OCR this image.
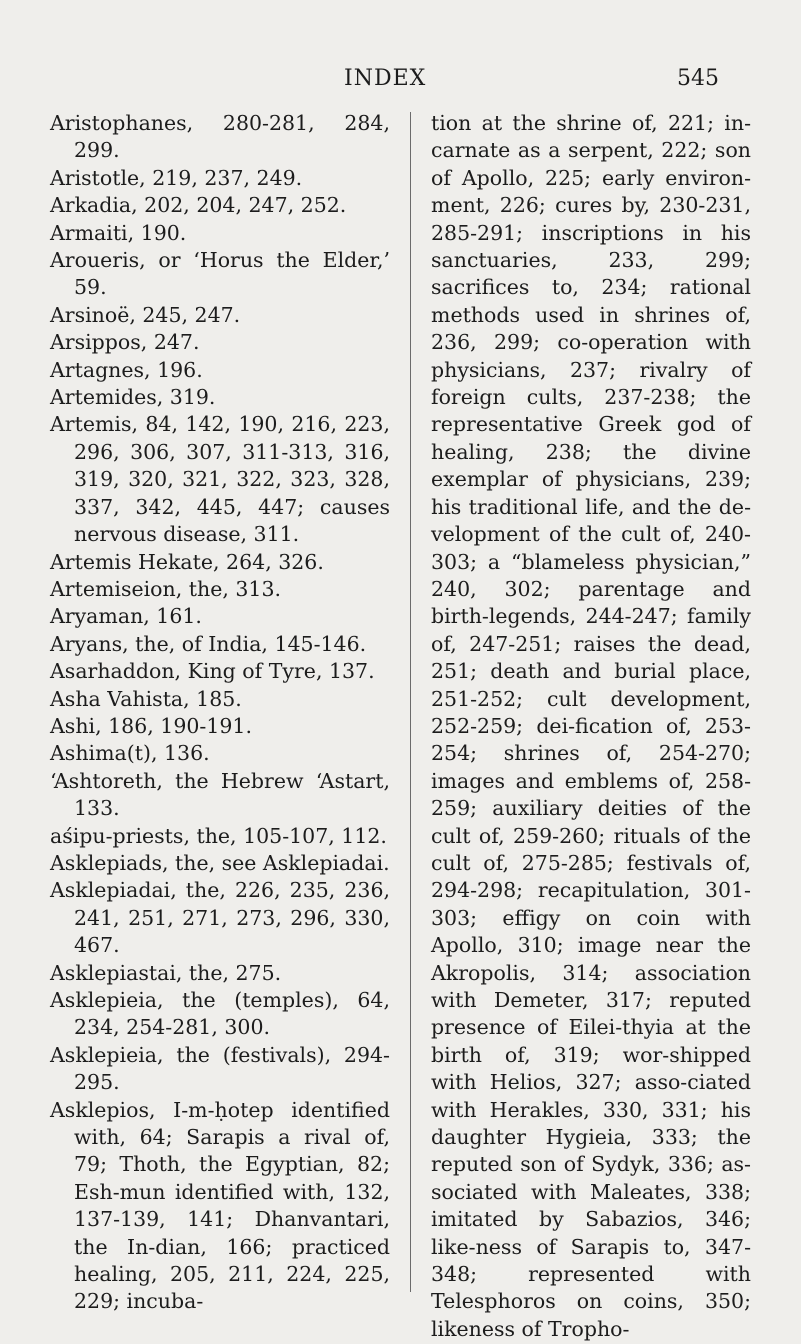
INDEX	545
Aristophanes, 280-281, 284, 299.
Aristotle, 219, 237, 249.
Arkadia, 202, 204, 247, 252.
Armaiti, 190.
Aroueris, or ‘Horus the Elder,’ 59.
Arsinoë, 245, 247.
Arsippos, 247.
Artagnes, 196.
Artemides, 319.
Artemis, 84, 142, 190, 216, 223, 296, 306, 307, 311-313, 316, 319, 320, 321, 322, 323, 328, 337, 342, 445, 447; causes nervous disease, 311.
Artemis Hekate, 264, 326.
Artemiseion, the, 313.
Aryaman, 161.
Aryans, the, of India, 145-146.
Asarhaddon, King of Tyre, 137.
Asha Vahista, 185.
Ashi, 186, 190-191.
Ashima(t), 136.
‘Ashtoreth, the Hebrew ‘Astart, 133.
aśipu-priests, the, 105-107, 112.
Asklepiads, the, see Asklepiadai.
Asklepiadai, the, 226, 235, 236, 241, 251, 271, 273, 296, 330, 467.
Asklepiastai, the, 275.
Asklepieia, the (temples), 64, 234, 254-281, 300.
Asklepieia, the (festivals), 294-295.
Asklepios, I-m-ḥotep identified with, 64; Sarapis a rival of, 79; Thoth, the Egyptian, 82; Esh-mun identified with, 132, 137-139, 141; Dhanvantari, the In-dian, 166; practiced healing, 205, 211, 224, 225, 229; incuba-
tion at the shrine of, 221; in-carnate as a serpent, 222; son of Apollo, 225; early environ-ment, 226; cures by, 230-231, 285-291; inscriptions in his sanctuaries, 233, 299; sacrifices to, 234; rational methods used in shrines of, 236, 299; co-operation with physicians, 237; rivalry of foreign cults, 237-238; the representative Greek god of healing, 238; the divine exemplar of physicians, 239; his traditional life, and the de-velopment of the cult of, 240-303; a “blameless physician,” 240, 302; parentage and birth-legends, 244-247; family of, 247-251; raises the dead, 251; death and burial place, 251-252; cult development, 252-259; dei-fication of, 253-254; shrines of, 254-270; images and emblems of, 258-259; auxiliary deities of the cult of, 259-260; rituals of the cult of, 275-285; festivals of, 294-298; recapitulation, 301-303; effigy on coin with Apollo, 310; image near the Akropolis, 314; association with Demeter, 317; reputed presence of Eilei-thyia at the birth of, 319; wor-shipped with Helios, 327; asso-ciated with Herakles, 330, 331; his daughter Hygieia, 333; the reputed son of Sydyk, 336; as-sociated with Maleates, 338; imitated by Sabazios, 346; like-ness of Sarapis to, 347-348; represented with Telesphoros on coins, 350; likeness of Tropho-
